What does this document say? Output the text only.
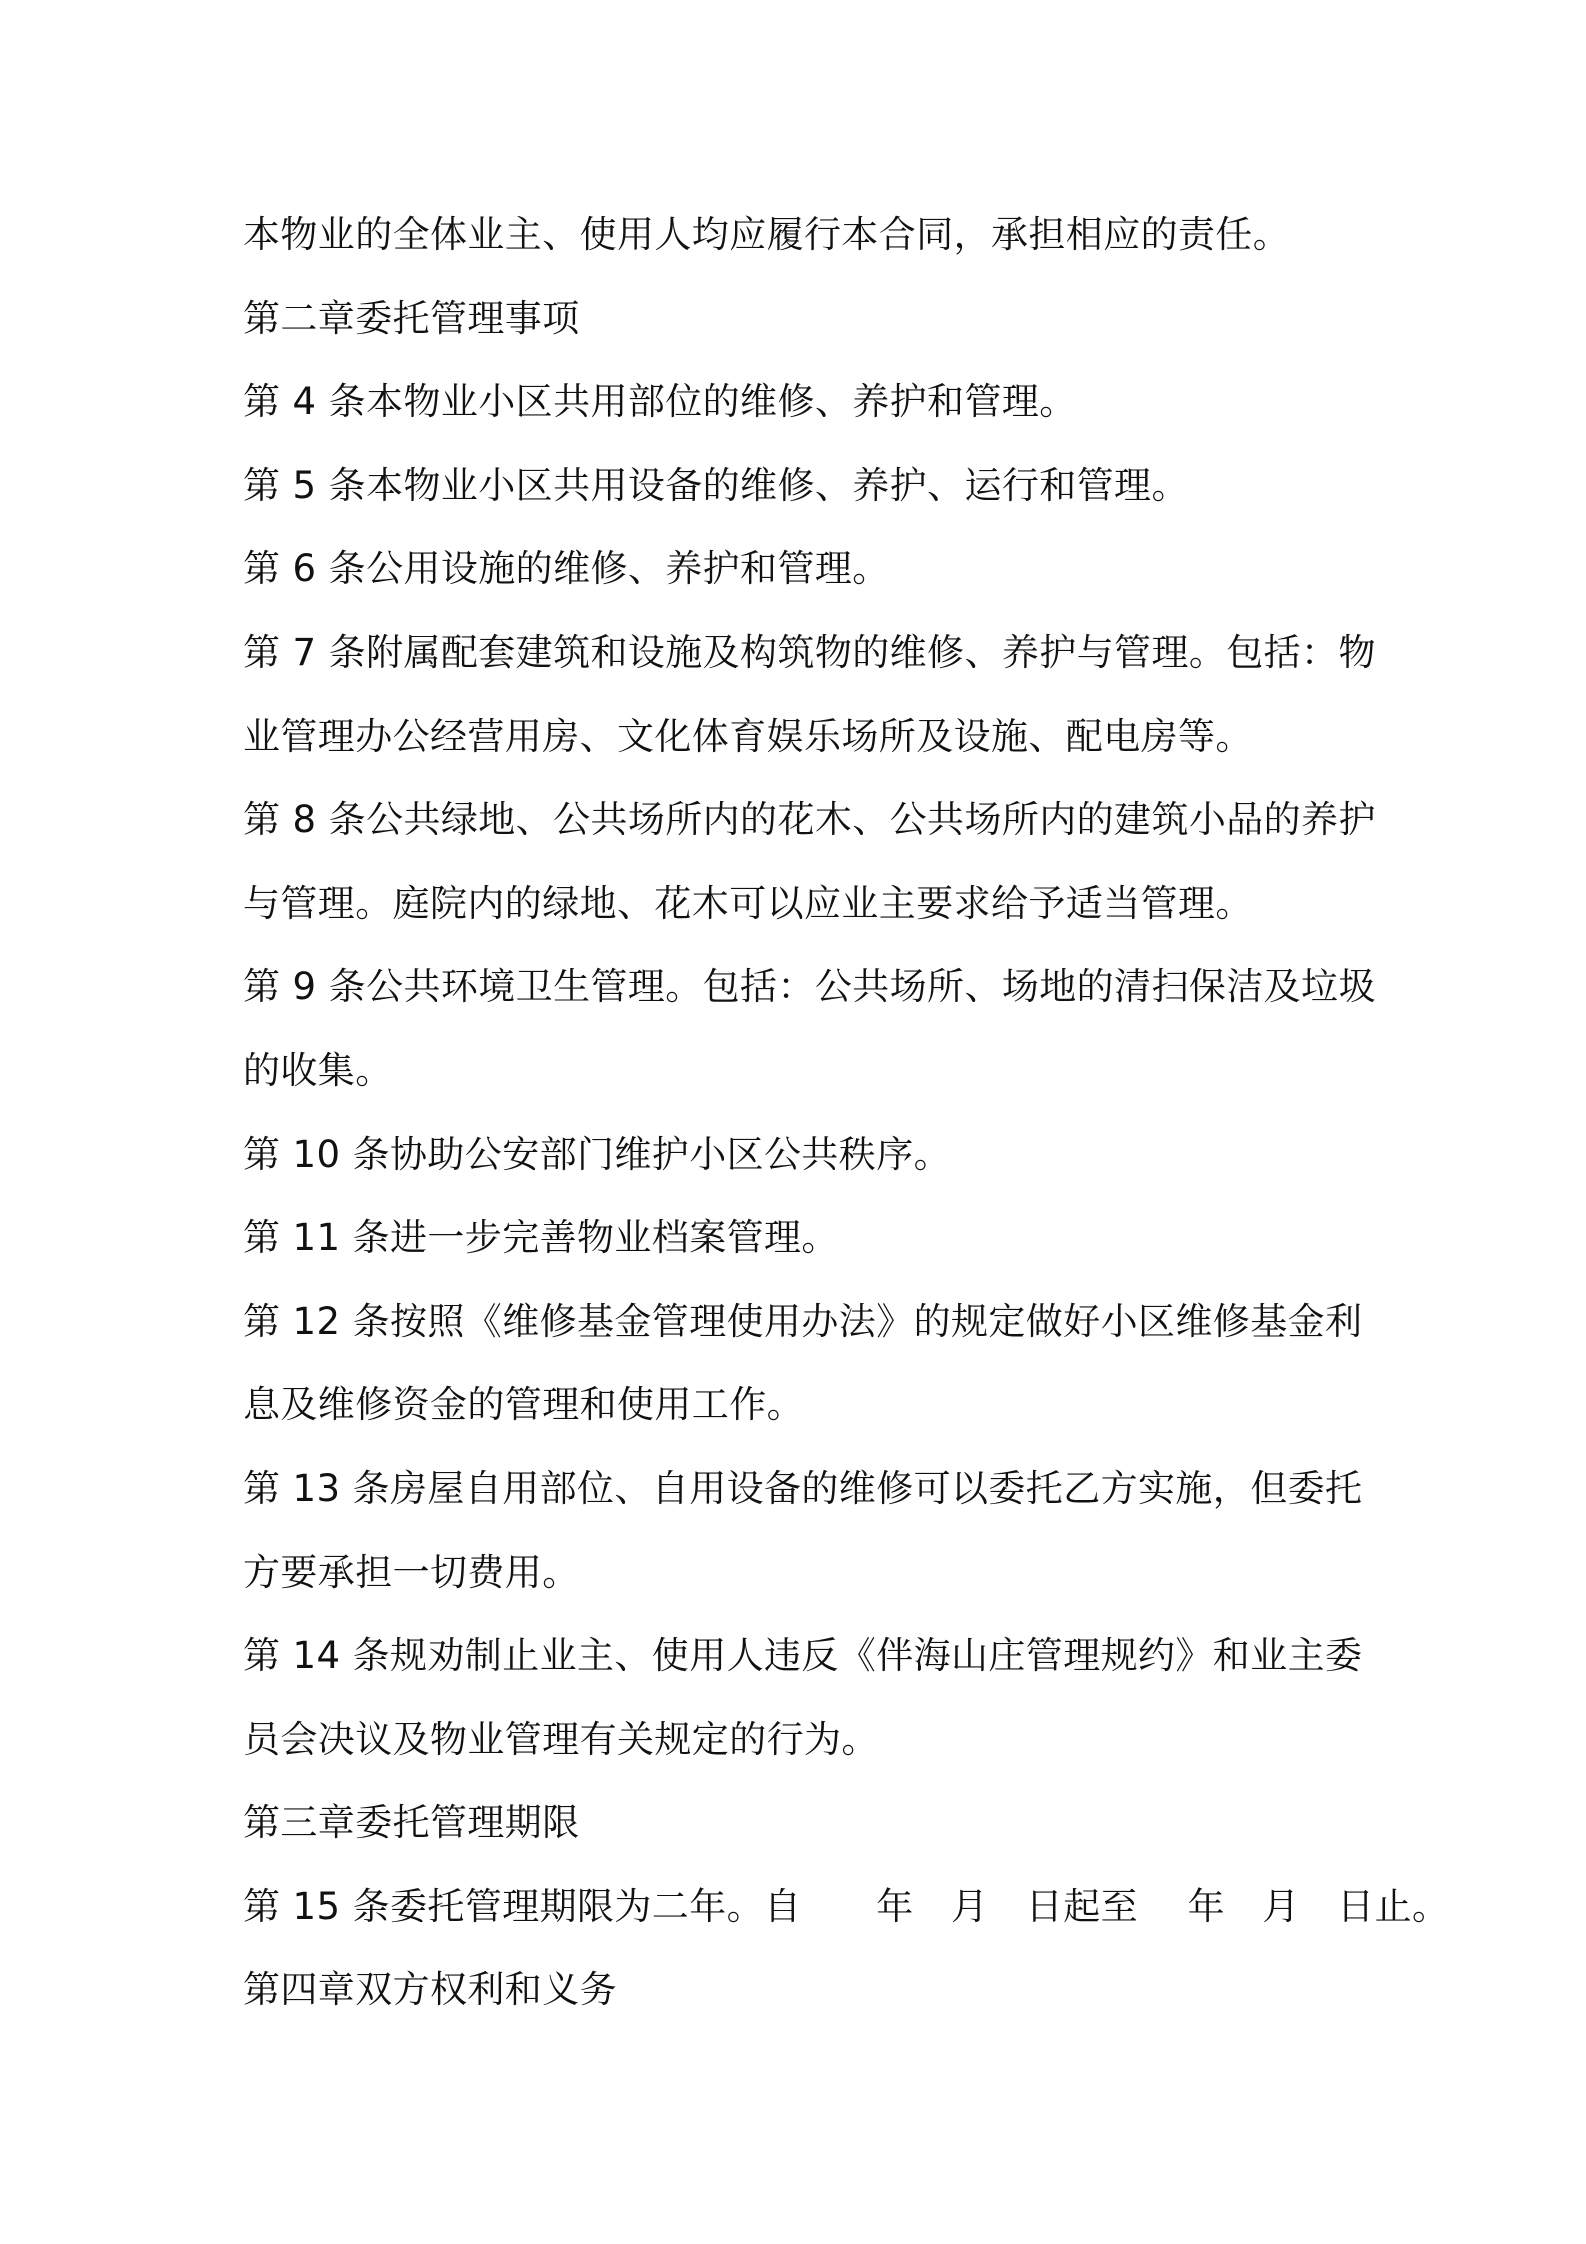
本物业的全体业主、使用人均应履行本合同，承担相应的责任。
第二章委托管理事项
第 4 条本物业小区共用部位的维修、养护和管理。
第 5 条本物业小区共用设备的维修、养护、运行和管理。
第 6 条公用设施的维修、养护和管理。
第 7 条附属配套建筑和设施及构筑物的维修、养护与管理。包括：物
业管理办公经营用房、文化体育娱乐场所及设施、配电房等。
第 8 条公共绿地、公共场所内的花木、公共场所内的建筑小品的养护
与管理。庭院内的绿地、花木可以应业主要求给予适当管理。
第 9 条公共环境卫生管理。包括：公共场所、场地的清扫保洁及垃圾
的收集。
第 10 条协助公安部门维护小区公共秩序。
第 11 条进一步完善物业档案管理。
第 12 条按照《维修基金管理使用办法》的规定做好小区维修基金利
息及维修资金的管理和使用工作。
第 13 条房屋自用部位、自用设备的维修可以委托乙方实施，但委托
方要承担一切费用。
第 14 条规劝制止业主、使用人违反《伴海山庄管理规约》和业主委
员会决议及物业管理有关规定的行为。
第三章委托管理期限
第 15 条委托管理期限为二年。自　　年　月　日起至　 年　月　日止。
第四章双方权利和义务
